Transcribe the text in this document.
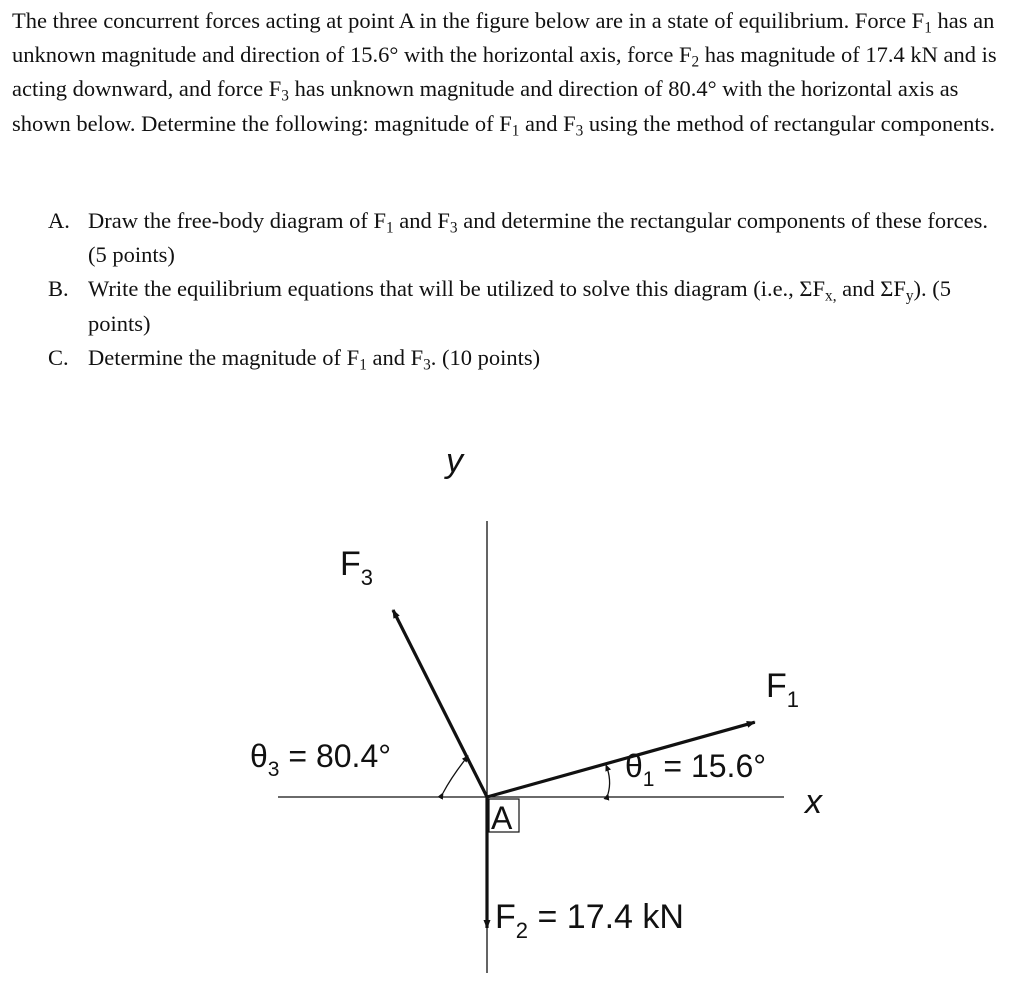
The three concurrent forces acting at point A in the figure below are in a state of equilibrium. Force $F_1$ has an unknown magnitude and direction of 15.6° with the horizontal axis, force $F_2$ has magnitude of 17.4 kN and is acting downward, and force $F_3$ has unknown magnitude and direction of 80.4° with the horizontal axis as shown below. Determine the following: magnitude of $F_1$ and $F_3$ using the method of rectangular components.

A. Draw the free-body diagram of $F_1$ and $F_3$ and determine the rectangular components of these forces. (5 points)
B. Write the equilibrium equations that will be utilized to solve this diagram (i.e., $\Sigma F_{x,}$ and $\Sigma F_y$). (5 points)
C. Determine the magnitude of $F_1$ and $F_3$. (10 points)
y
x
$F_3$
$F_1$
$\theta_3 = 80.4^\circ$	$\theta_1 = 15.6^\circ$
A
$F_2 = 17.4$ kN
